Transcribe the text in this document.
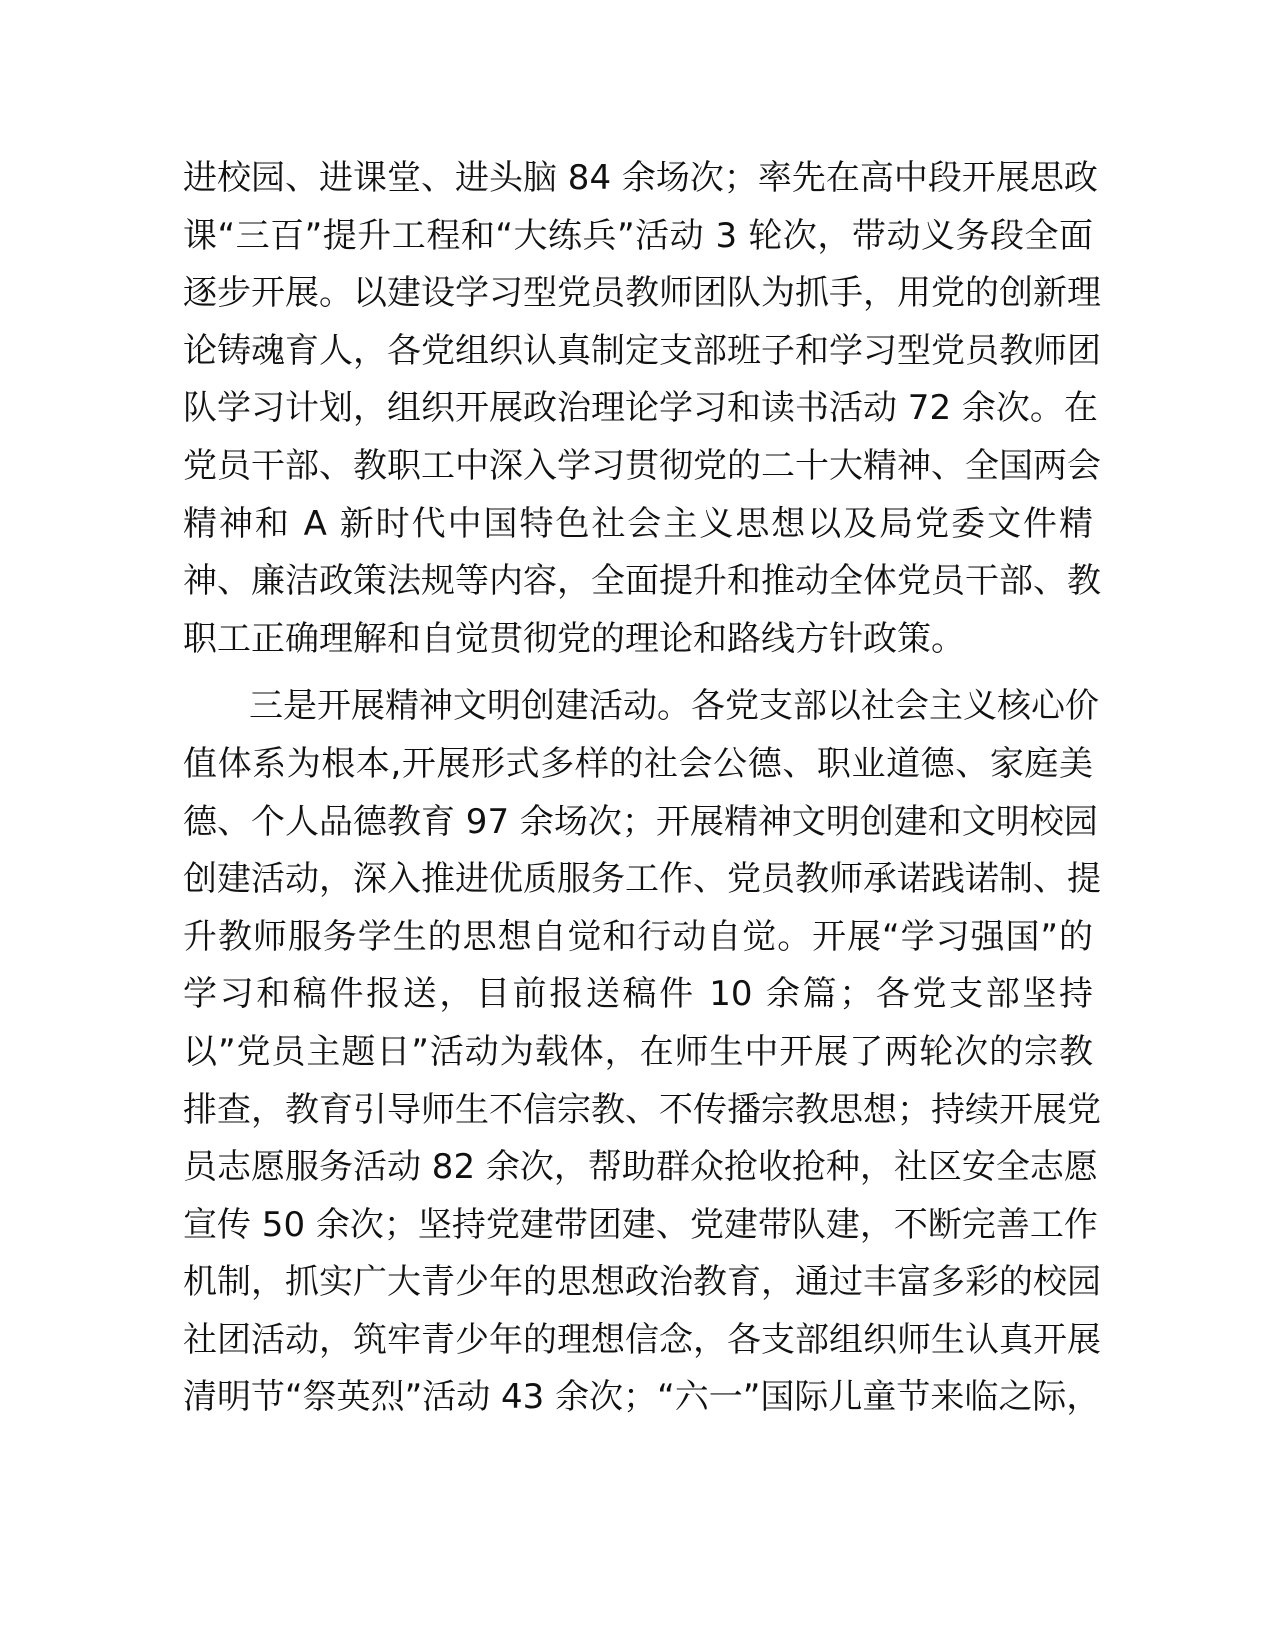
进校园、进课堂、进头脑 84 余场次；率先在高中段开展思政
课“三百”提升工程和“大练兵”活动 3 轮次，带动义务段全面
逐步开展。以建设学习型党员教师团队为抓手，用党的创新理
论铸魂育人，各党组织认真制定支部班子和学习型党员教师团
队学习计划，组织开展政治理论学习和读书活动 72 余次。在
党员干部、教职工中深入学习贯彻党的二十大精神、全国两会
精神和 A 新时代中国特色社会主义思想以及局党委文件精
神、廉洁政策法规等内容，全面提升和推动全体党员干部、教
职工正确理解和自觉贯彻党的理论和路线方针政策。
三是开展精神文明创建活动。各党支部以社会主义核心价
值体系为根本,开展形式多样的社会公德、职业道德、家庭美
德、个人品德教育 97 余场次；开展精神文明创建和文明校园
创建活动，深入推进优质服务工作、党员教师承诺践诺制、提
升教师服务学生的思想自觉和行动自觉。开展“学习强国”的
学习和稿件报送，目前报送稿件 10 余篇；各党支部坚持
以”党员主题日”活动为载体，在师生中开展了两轮次的宗教
排查，教育引导师生不信宗教、不传播宗教思想；持续开展党
员志愿服务活动 82 余次，帮助群众抢收抢种，社区安全志愿
宣传 50 余次；坚持党建带团建、党建带队建，不断完善工作
机制，抓实广大青少年的思想政治教育，通过丰富多彩的校园
社团活动，筑牢青少年的理想信念，各支部组织师生认真开展
清明节“祭英烈”活动 43 余次；“六一”国际儿童节来临之际，
